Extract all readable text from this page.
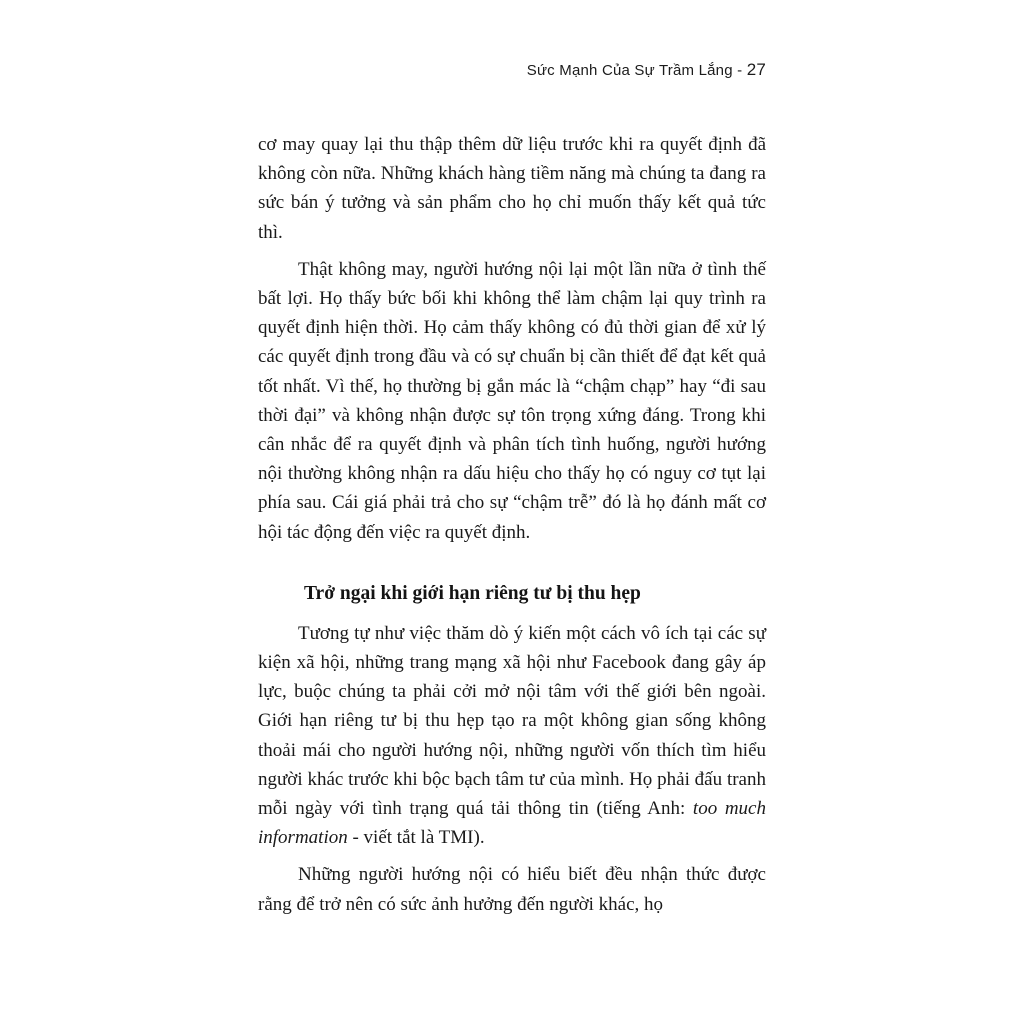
Sức Mạnh Của Sự Trầm Lắng - 27

cơ may quay lại thu thập thêm dữ liệu trước khi ra quyết định đã không còn nữa. Những khách hàng tiềm năng mà chúng ta đang ra sức bán ý tưởng và sản phẩm cho họ chỉ muốn thấy kết quả tức thì.

Thật không may, người hướng nội lại một lần nữa ở tình thế bất lợi. Họ thấy bức bối khi không thể làm chậm lại quy trình ra quyết định hiện thời. Họ cảm thấy không có đủ thời gian để xử lý các quyết định trong đầu và có sự chuẩn bị cần thiết để đạt kết quả tốt nhất. Vì thế, họ thường bị gắn mác là “chậm chạp” hay “đi sau thời đại” và không nhận được sự tôn trọng xứng đáng. Trong khi cân nhắc để ra quyết định và phân tích tình huống, người hướng nội thường không nhận ra dấu hiệu cho thấy họ có nguy cơ tụt lại phía sau. Cái giá phải trả cho sự “chậm trễ” đó là họ đánh mất cơ hội tác động đến việc ra quyết định.

Trở ngại khi giới hạn riêng tư bị thu hẹp

Tương tự như việc thăm dò ý kiến một cách vô ích tại các sự kiện xã hội, những trang mạng xã hội như Facebook đang gây áp lực, buộc chúng ta phải cởi mở nội tâm với thế giới bên ngoài. Giới hạn riêng tư bị thu hẹp tạo ra một không gian sống không thoải mái cho người hướng nội, những người vốn thích tìm hiểu người khác trước khi bộc bạch tâm tư của mình. Họ phải đấu tranh mỗi ngày với tình trạng quá tải thông tin (tiếng Anh: too much information - viết tắt là TMI).

Những người hướng nội có hiểu biết đều nhận thức được rằng để trở nên có sức ảnh hưởng đến người khác, họ
